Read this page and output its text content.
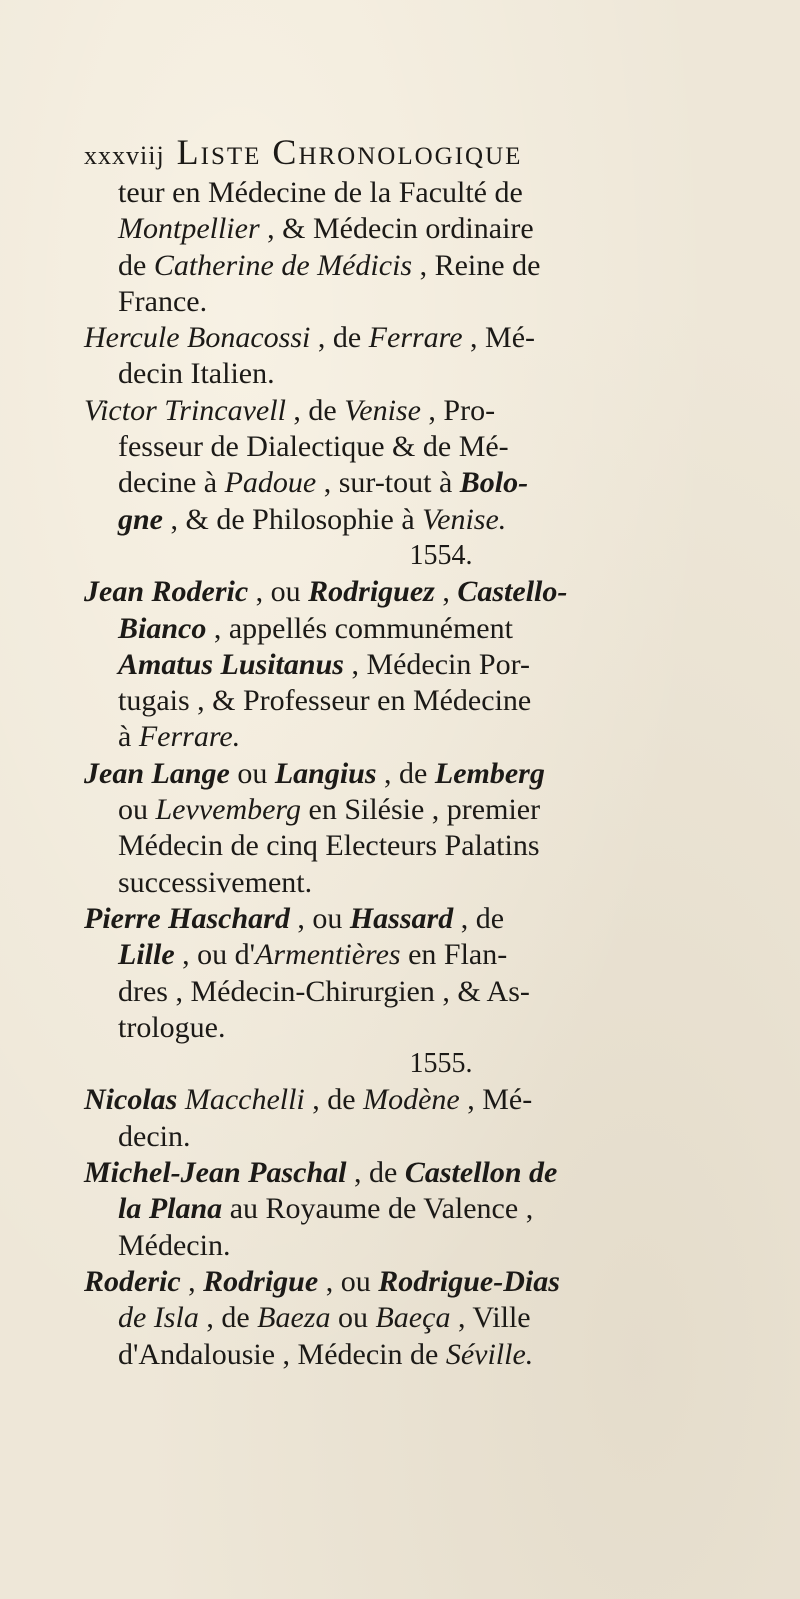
xxxviij Liste Chronologique
teur en Médecine de la Faculté de
Montpellier , & Médecin ordinaire
de Catherine de Médicis , Reine de
France.
Hercule Bonacossi , de Ferrare , Mé-
decin Italien.
Victor Trincavell , de Venise , Pro-
fesseur de Dialectique & de Mé-
decine à Padoue , sur-tout à Bolo-
gne , & de Philosophie à Venise.
1554.
Jean Roderic , ou Rodriguez , Castello-
Bianco , appellés communément
Amatus Lusitanus , Médecin Por-
tugais , & Professeur en Médecine
à Ferrare.
Jean Lange ou Langius , de Lemberg
ou Levvemberg en Silésie , premier
Médecin de cinq Electeurs Palatins
successivement.
Pierre Haschard , ou Hassard , de
Lille , ou d'Armentières en Flan-
dres , Médecin-Chirurgien , & As-
trologue.
1555.
Nicolas Macchelli , de Modène , Mé-
decin.
Michel-Jean Paschal , de Castellon de
la Plana au Royaume de Valence ,
Médecin.
Roderic , Rodrigue , ou Rodrigue-Dias
de Isla , de Baeza ou Baeça , Ville
d'Andalousie , Médecin de Séville.
